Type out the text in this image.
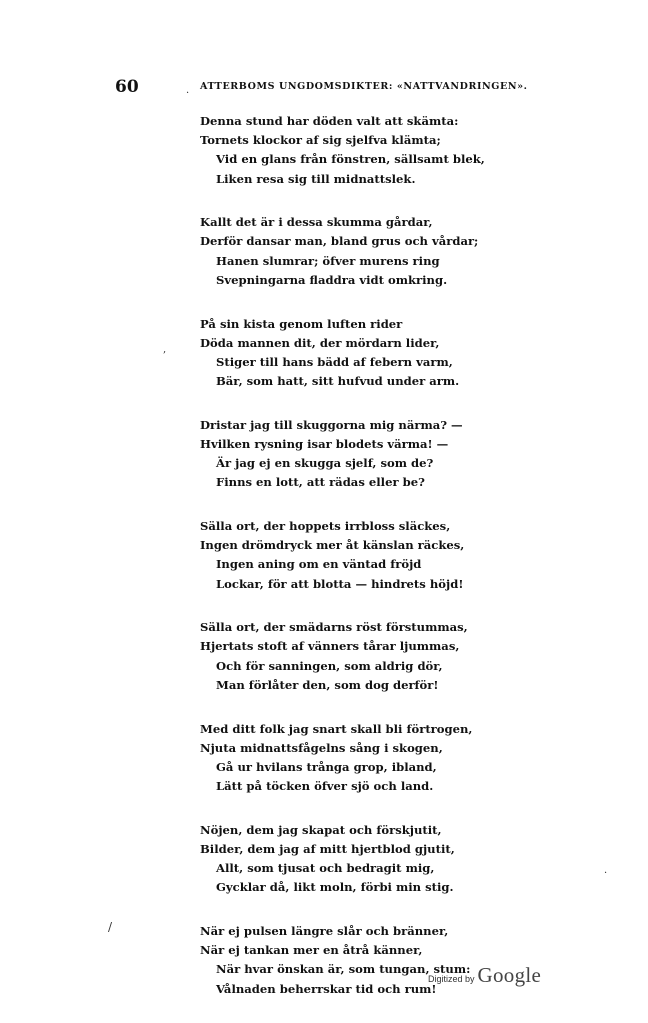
60	·
ATTERBOMS UNGDOMSDIKTER: «NATTVANDRINGEN».
,
·
/
Denna stund har döden valt att skämta:
Tornets klockor af sig sjelfva klämta;
Vid en glans från fönstren, sällsamt blek,
Liken resa sig till midnattslek.
Kallt det är i dessa skumma gårdar,
Derför dansar man, bland grus och vårdar;
Hanen slumrar; öfver murens ring
Svepningarna fladdra vidt omkring.
På sin kista genom luften rider
Döda mannen dit, der mördarn lider,
Stiger till hans bädd af febern varm,
Bär, som hatt, sitt hufvud under arm.
Dristar jag till skuggorna mig närma? —
Hvilken rysning isar blodets värma! —
Är jag ej en skugga sjelf, som de?
Finns en lott, att rädas eller be?
Sälla ort, der hoppets irrbloss släckes,
Ingen drömdryck mer åt känslan räckes,
Ingen aning om en väntad fröjd
Lockar, för att blotta — hindrets höjd!
Sälla ort, der smädarns röst förstummas,
Hjertats stoft af vänners tårar ljummas,
Och för sanningen, som aldrig dör,
Man förlåter den, som dog derför!
Med ditt folk jag snart skall bli förtrogen,
Njuta midnattsfågelns sång i skogen,
Gå ur hvilans trånga grop, ibland,
Lätt på töcken öfver sjö och land.
Nöjen, dem jag skapat och förskjutit,
Bilder, dem jag af mitt hjertblod gjutit,
Allt, som tjusat och bedragit mig,
Gycklar då, likt moln, förbi min stig.
När ej pulsen längre slår och bränner,
När ej tankan mer en åtrå känner,
När hvar önskan är, som tungan, stum:
Vålnaden beherrskar tid och rum!
Digitized by Google
